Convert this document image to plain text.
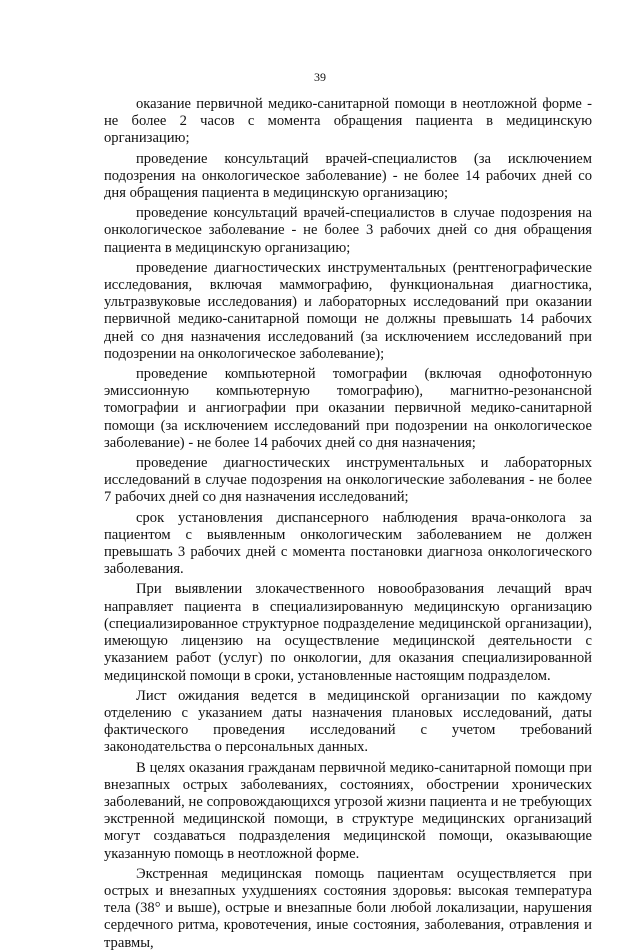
39

оказание первичной медико-санитарной помощи в неотложной форме - не более 2 часов с момента обращения пациента в медицинскую организацию;

проведение консультаций врачей-специалистов (за исключением подозрения на онкологическое заболевание) - не более 14 рабочих дней со дня обращения пациента в медицинскую организацию;

проведение консультаций врачей-специалистов в случае подозрения на онкологическое заболевание - не более 3 рабочих дней со дня обращения пациента в медицинскую организацию;

проведение диагностических инструментальных (рентгенографические исследования, включая маммографию, функциональная диагностика, ультразвуковые исследования) и лабораторных исследований при оказании первичной медико-санитарной помощи не должны превышать 14 рабочих дней со дня назначения исследований (за исключением исследований при подозрении на онкологическое заболевание);

проведение компьютерной томографии (включая однофотонную эмиссионную компьютерную томографию), магнитно-резонансной томографии и ангиографии при оказании первичной медико-санитарной помощи (за исключением исследований при подозрении на онкологическое заболевание) - не более 14 рабочих дней со дня назначения;

проведение диагностических инструментальных и лабораторных исследований в случае подозрения на онкологические заболевания - не более 7 рабочих дней со дня назначения исследований;

срок установления диспансерного наблюдения врача-онколога за пациентом с выявленным онкологическим заболеванием не должен превышать 3 рабочих дней с момента постановки диагноза онкологического заболевания.

При выявлении злокачественного новообразования лечащий врач направляет пациента в специализированную медицинскую организацию (специализированное структурное подразделение медицинской организации), имеющую лицензию на осуществление медицинской деятельности с указанием работ (услуг) по онкологии, для оказания специализированной медицинской помощи в сроки, установленные настоящим подразделом.

Лист ожидания ведется в медицинской организации по каждому отделению с указанием даты назначения плановых исследований, даты фактического проведения исследований с учетом требований законодательства о персональных данных.

В целях оказания гражданам первичной медико-санитарной помощи при внезапных острых заболеваниях, состояниях, обострении хронических заболеваний, не сопровождающихся угрозой жизни пациента и не требующих экстренной медицинской помощи, в структуре медицинских организаций могут создаваться подразделения медицинской помощи, оказывающие указанную помощь в неотложной форме.

Экстренная медицинская помощь пациентам осуществляется при острых и внезапных ухудшениях состояния здоровья: высокая температура тела (38° и выше), острые и внезапные боли любой локализации, нарушения сердечного ритма, кровотечения, иные состояния, заболевания, отравления и травмы,
